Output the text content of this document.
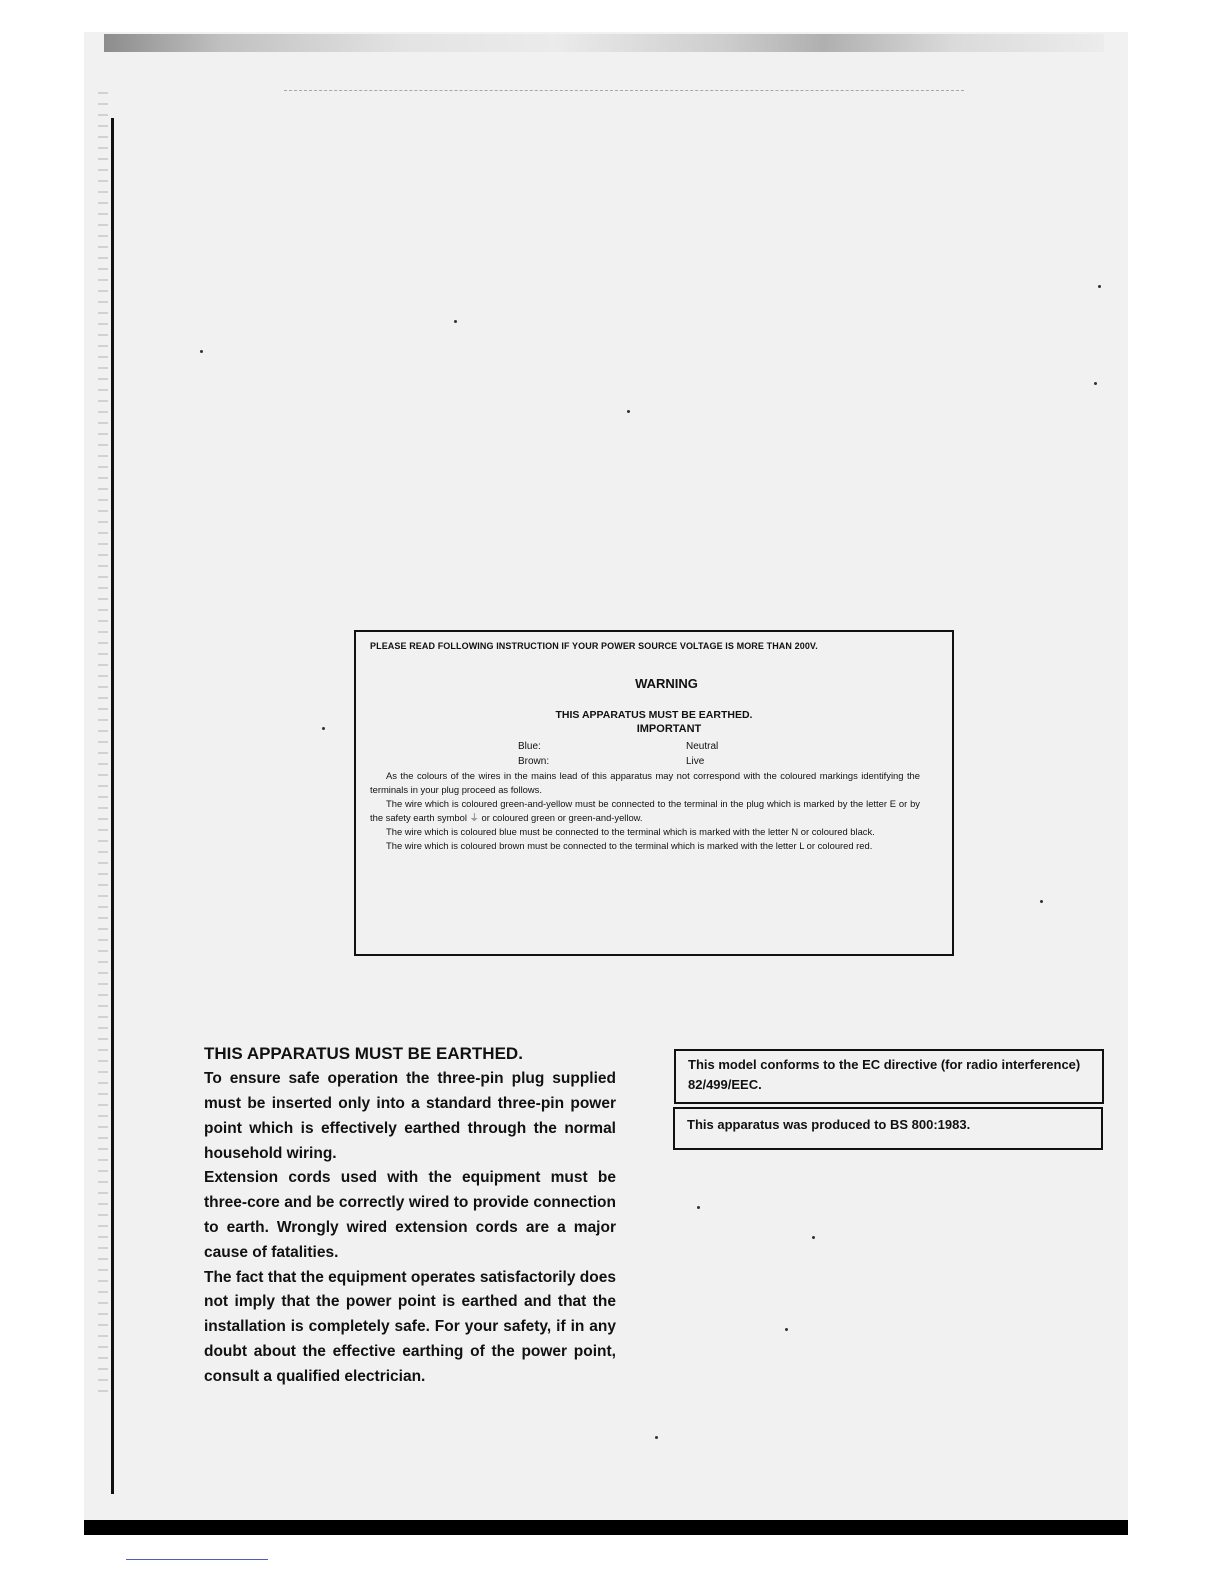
PLEASE READ FOLLOWING INSTRUCTION IF YOUR POWER SOURCE VOLTAGE IS MORE THAN 200V.
WARNING
THIS APPARATUS MUST BE EARTHED.
IMPORTANT
Blue:	Neutral
Brown:	Live

As the colours of the wires in the mains lead of this apparatus may not correspond with the coloured markings identifying the terminals in your plug proceed as follows.

The wire which is coloured green-and-yellow must be connected to the terminal in the plug which is marked by the letter E or by the safety earth symbol ⏚ or coloured green or green-and-yellow.

The wire which is coloured blue must be connected to the terminal which is marked with the letter N or coloured black.

The wire which is coloured brown must be connected to the terminal which is marked with the letter L or coloured red.

THIS APPARATUS MUST BE EARTHED.

To ensure safe operation the three-pin plug supplied must be inserted only into a standard three-pin power point which is effectively earthed through the normal household wiring.

Extension cords used with the equipment must be three-core and be correctly wired to provide connection to earth. Wrongly wired extension cords are a major cause of fatalities.

The fact that the equipment operates satisfactorily does not imply that the power point is earthed and that the installation is completely safe. For your safety, if in any doubt about the effective earthing of the power point, consult a qualified electrician.

This model conforms to the EC directive (for radio interference) 82/499/EEC.
This apparatus was produced to BS 800:1983.
